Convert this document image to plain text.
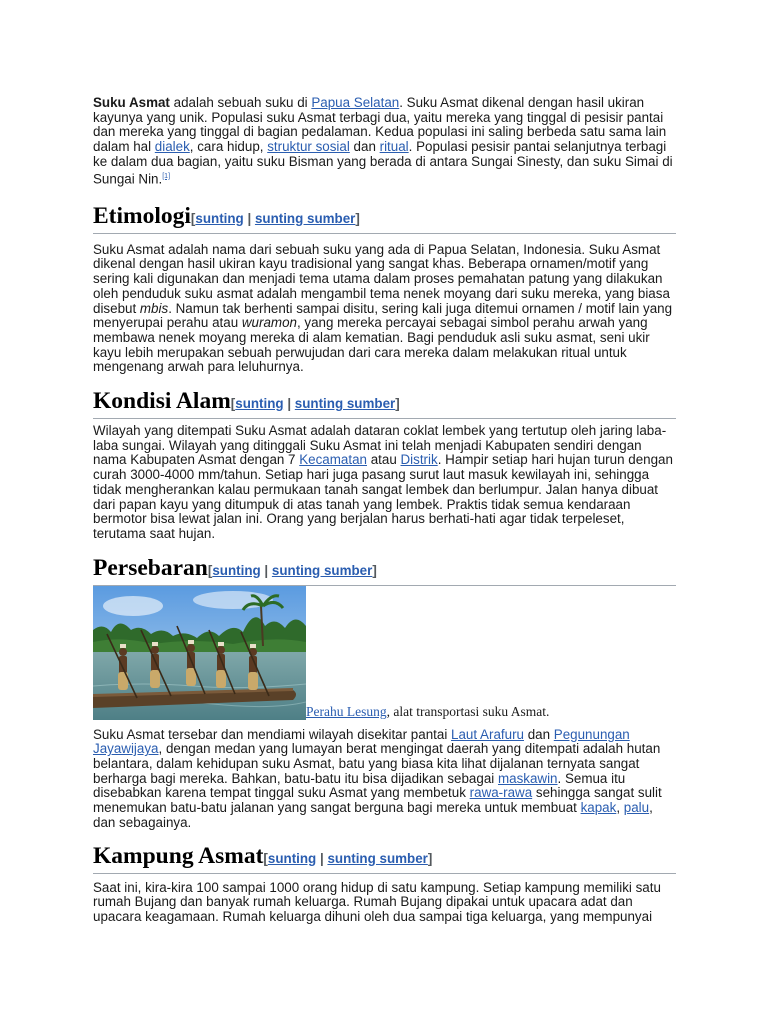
Suku Asmat adalah sebuah suku di Papua Selatan. Suku Asmat dikenal dengan hasil ukiran kayunya yang unik. Populasi suku Asmat terbagi dua, yaitu mereka yang tinggal di pesisir pantai dan mereka yang tinggal di bagian pedalaman. Kedua populasi ini saling berbeda satu sama lain dalam hal dialek, cara hidup, struktur sosial dan ritual. Populasi pesisir pantai selanjutnya terbagi ke dalam dua bagian, yaitu suku Bisman yang berada di antara Sungai Sinesty, dan suku Simai di Sungai Nin.[1]

Etimologi[sunting | sunting sumber]

Suku Asmat adalah nama dari sebuah suku yang ada di Papua Selatan, Indonesia. Suku Asmat dikenal dengan hasil ukiran kayu tradisional yang sangat khas. Beberapa ornamen/motif yang sering kali digunakan dan menjadi tema utama dalam proses pemahatan patung yang dilakukan oleh penduduk suku asmat adalah mengambil tema nenek moyang dari suku mereka, yang biasa disebut mbis. Namun tak berhenti sampai disitu, sering kali juga ditemui ornamen / motif lain yang menyerupai perahu atau wuramon, yang mereka percayai sebagai simbol perahu arwah yang membawa nenek moyang mereka di alam kematian. Bagi penduduk asli suku asmat, seni ukir kayu lebih merupakan sebuah perwujudan dari cara mereka dalam melakukan ritual untuk mengenang arwah para leluhurnya.

Kondisi Alam[sunting | sunting sumber]

Wilayah yang ditempati Suku Asmat adalah dataran coklat lembek yang tertutup oleh jaring laba-laba sungai. Wilayah yang ditinggali Suku Asmat ini telah menjadi Kabupaten sendiri dengan nama Kabupaten Asmat dengan 7 Kecamatan atau Distrik. Hampir setiap hari hujan turun dengan curah 3000-4000 mm/tahun. Setiap hari juga pasang surut laut masuk kewilayah ini, sehingga tidak mengherankan kalau permukaan tanah sangat lembek dan berlumpur. Jalan hanya dibuat dari papan kayu yang ditumpuk di atas tanah yang lembek. Praktis tidak semua kendaraan bermotor bisa lewat jalan ini. Orang yang berjalan harus berhati-hati agar tidak terpeleset, terutama saat hujan.

Persebaran[sunting | sunting sumber]
Perahu Lesung, alat transportasi suku Asmat.

Suku Asmat tersebar dan mendiami wilayah disekitar pantai Laut Arafuru dan Pegunungan Jayawijaya, dengan medan yang lumayan berat mengingat daerah yang ditempati adalah hutan belantara, dalam kehidupan suku Asmat, batu yang biasa kita lihat dijalanan ternyata sangat berharga bagi mereka. Bahkan, batu-batu itu bisa dijadikan sebagai maskawin. Semua itu disebabkan karena tempat tinggal suku Asmat yang membetuk rawa-rawa sehingga sangat sulit menemukan batu-batu jalanan yang sangat berguna bagi mereka untuk membuat kapak, palu, dan sebagainya.

Kampung Asmat[sunting | sunting sumber]

Saat ini, kira-kira 100 sampai 1000 orang hidup di satu kampung. Setiap kampung memiliki satu rumah Bujang dan banyak rumah keluarga. Rumah Bujang dipakai untuk upacara adat dan upacara keagamaan. Rumah keluarga dihuni oleh dua sampai tiga keluarga, yang mempunyai
